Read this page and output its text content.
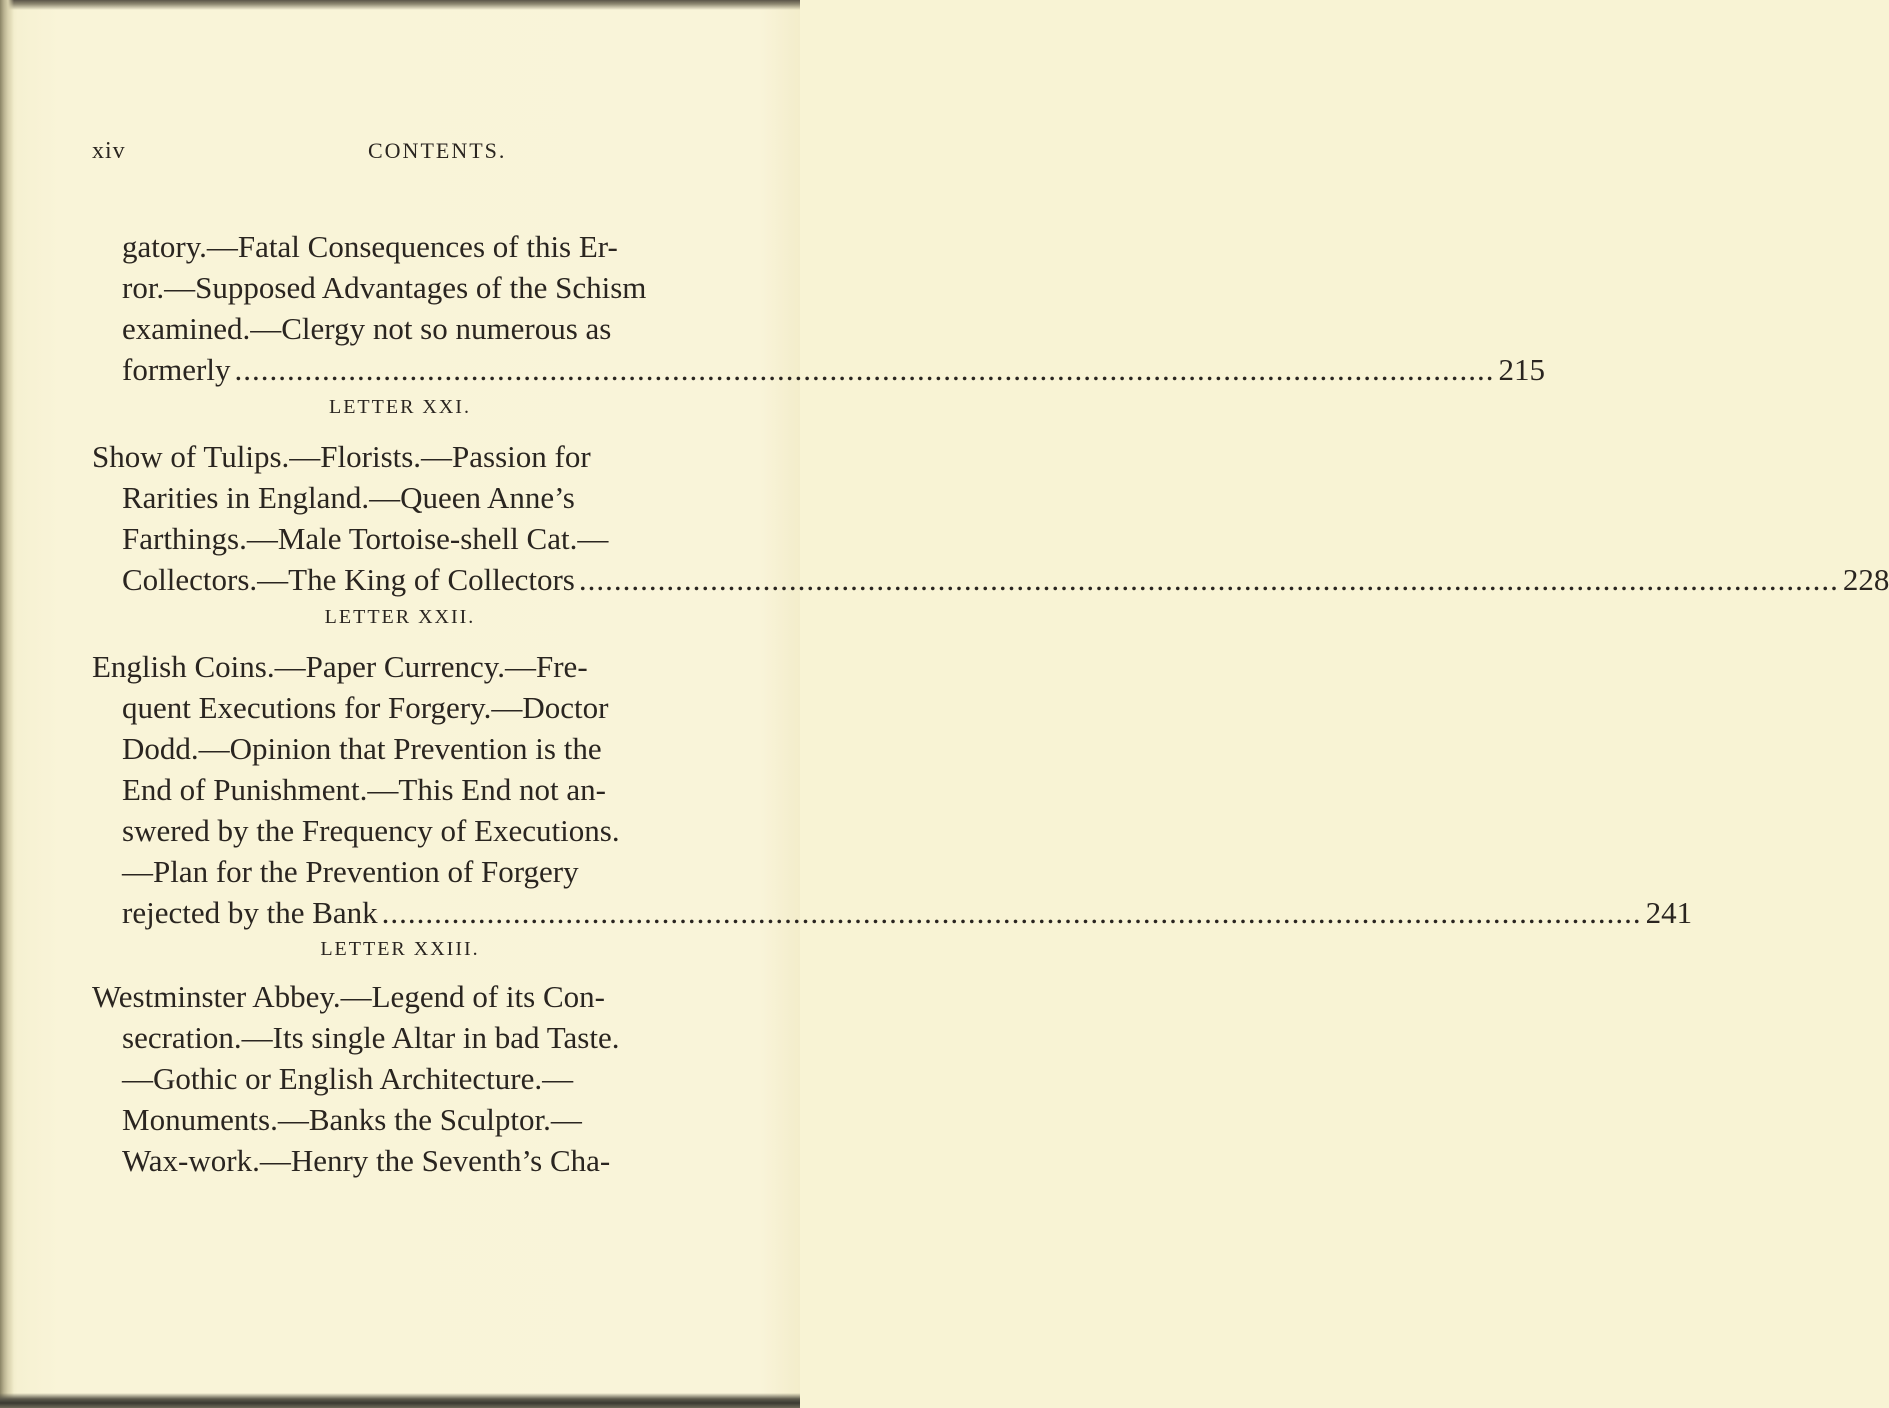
xiv	CONTENTS.
gatory.—Fatal Consequences of this Er-
ror.—Supposed Advantages of the Schism
examined.—Clergy not so numerous as
formerly ................................................................................................................................................ 215
LETTER XXI.
Show of Tulips.—Florists.—Passion for
Rarities in England.—Queen Anne’s
Farthings.—Male Tortoise-shell Cat.—
Collectors.—The King of Collectors ................................................................................................................................................ 228
LETTER XXII.
English Coins.—Paper Currency.—Fre-
quent Executions for Forgery.—Doctor
Dodd.—Opinion that Prevention is the
End of Punishment.—This End not an-
swered by the Frequency of Executions.
—Plan for the Prevention of Forgery
rejected by the Bank ................................................................................................................................................ 241
LETTER XXIII.
Westminster Abbey.—Legend of its Con-
secration.—Its single Altar in bad Taste.
—Gothic or English Architecture.—
Monuments.—Banks the Sculptor.—
Wax-work.—Henry the Seventh’s Cha-
